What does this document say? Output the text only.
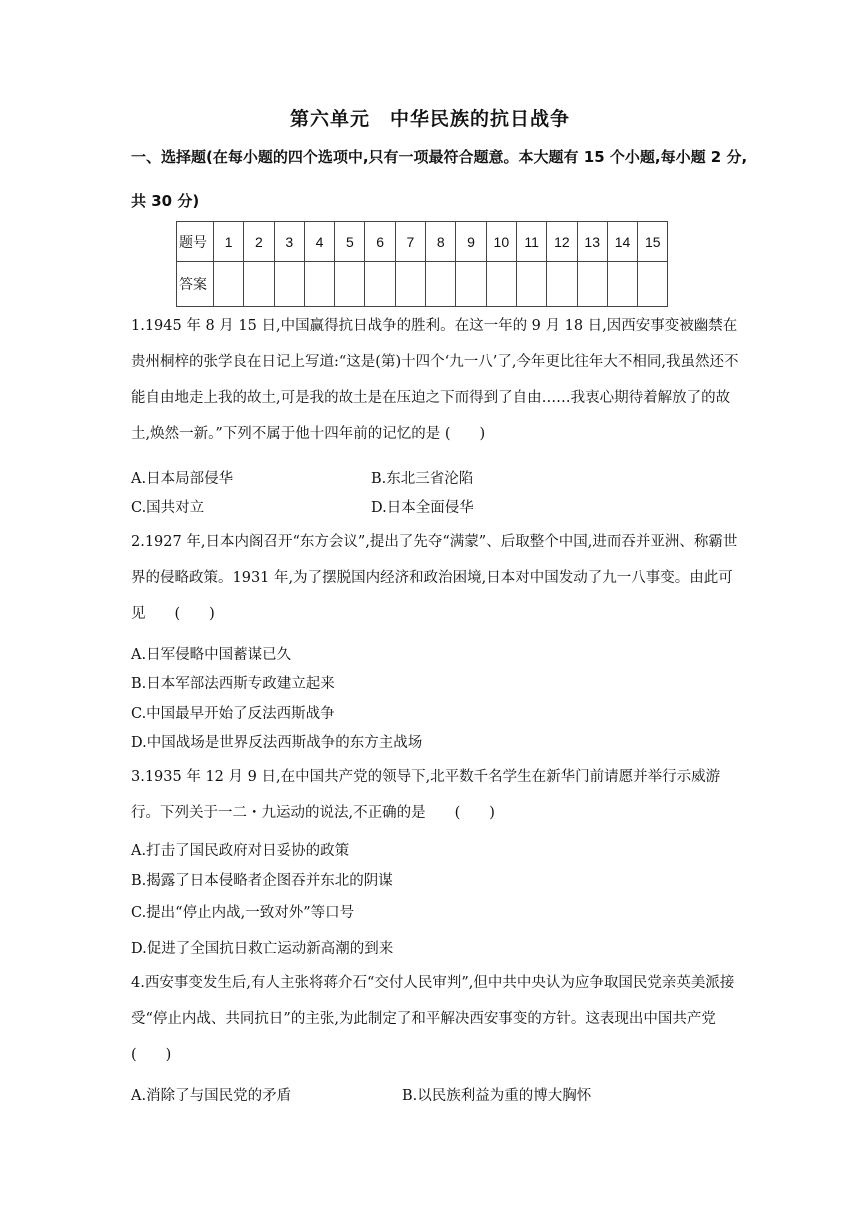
第六单元　中华民族的抗日战争
一、选择题(在每小题的四个选项中,只有一项最符合题意。本大题有 15 个小题,每小题 2 分,
共 30 分)
题号	1	2	3	4	5	6	7	8	9	10	11	12	13	14	15
答案															
1.1945 年 8 月 15 日,中国赢得抗日战争的胜利。在这一年的 9 月 18 日,因西安事变被幽禁在贵州桐梓的张学良在日记上写道:“这是(第)十四个‘九一八’了,今年更比往年大不相同,我虽然还不能自由地走上我的故土,可是我的故土是在压迫之下而得到了自由……我衷心期待着解放了的故土,焕然一新。”下列不属于他十四年前的记忆的是 (　　)
A.日本局部侵华	B.东北三省沦陷
C.国共对立	D.日本全面侵华
2.1927 年,日本内阁召开“东方会议”,提出了先夺“满蒙”、后取整个中国,进而吞并亚洲、称霸世界的侵略政策。1931 年,为了摆脱国内经济和政治困境,日本对中国发动了九一八事变。由此可见　　(　　)
A.日军侵略中国蓄谋已久
B.日本军部法西斯专政建立起来
C.中国最早开始了反法西斯战争
D.中国战场是世界反法西斯战争的东方主战场
3.1935 年 12 月 9 日,在中国共产党的领导下,北平数千名学生在新华门前请愿并举行示威游行。下列关于一二・九运动的说法,不正确的是　　(　　)
A.打击了国民政府对日妥协的政策
B.揭露了日本侵略者企图吞并东北的阴谋
C.提出“停止内战,一致对外”等口号
D.促进了全国抗日救亡运动新高潮的到来
4.西安事变发生后,有人主张将蒋介石“交付人民审判”,但中共中央认为应争取国民党亲英美派接受“停止内战、共同抗日”的主张,为此制定了和平解决西安事变的方针。这表现出中国共产党　(　　)
A.消除了与国民党的矛盾	B.以民族利益为重的博大胸怀
